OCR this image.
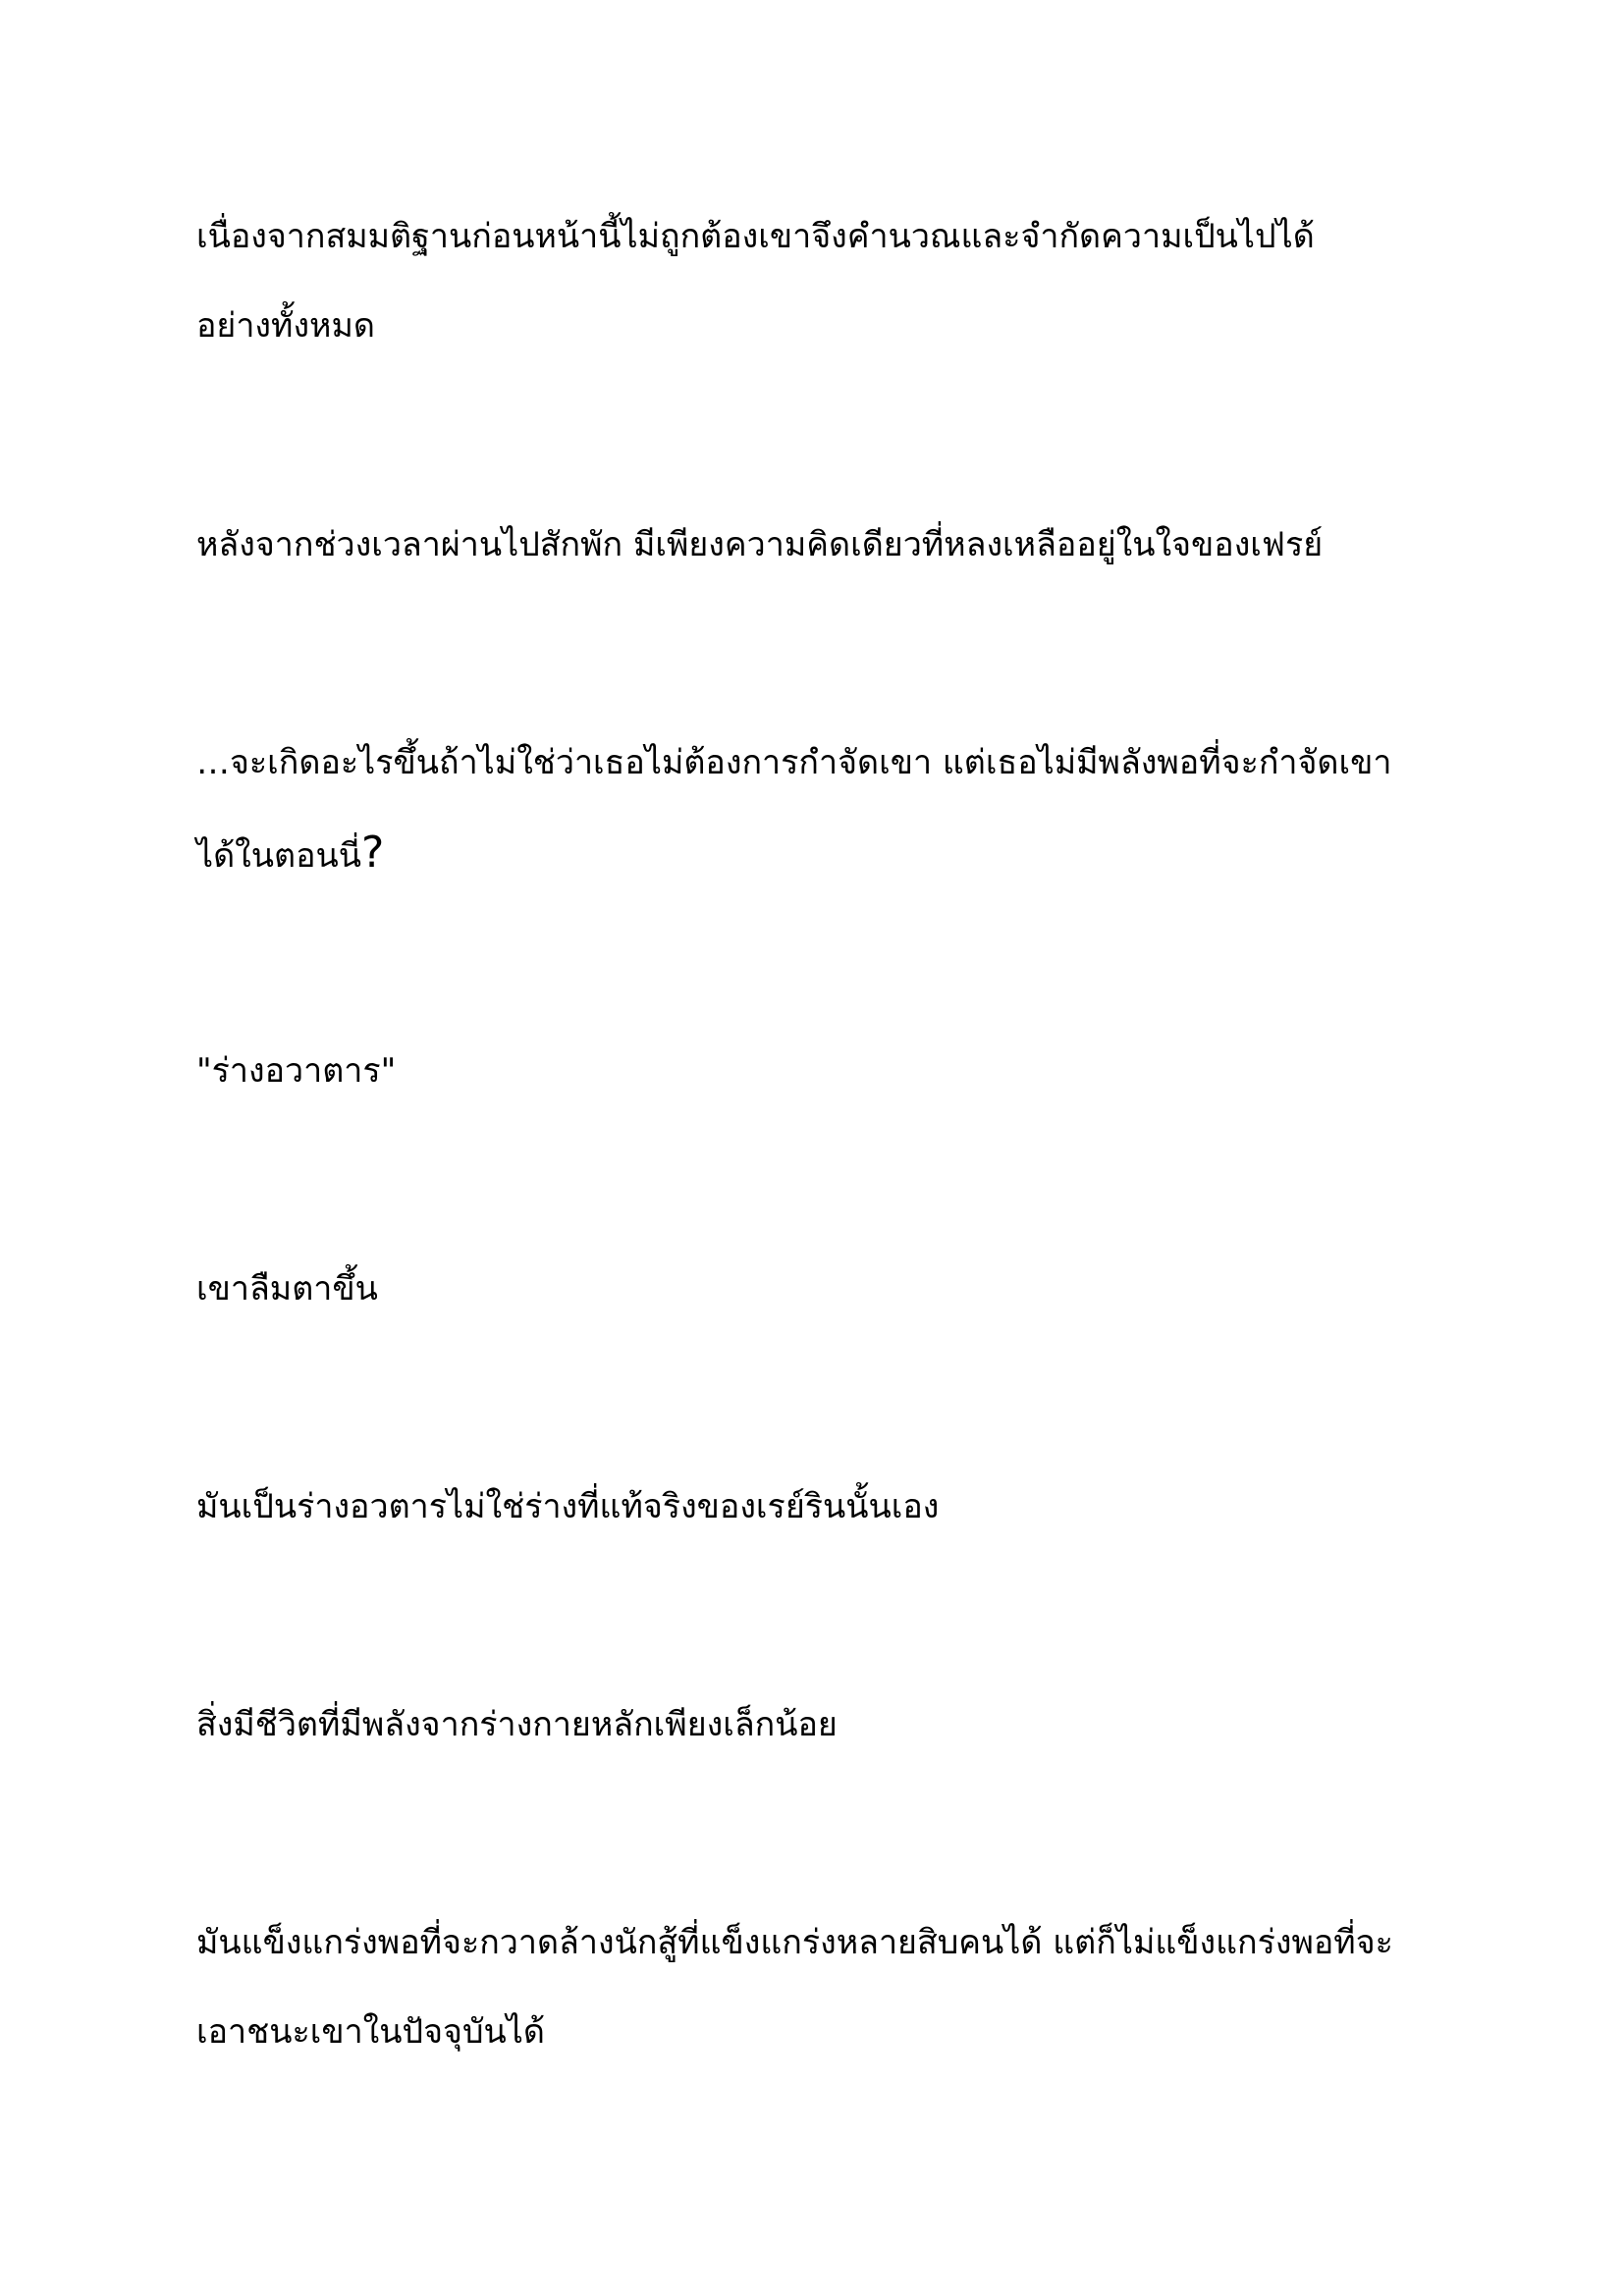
เนื่องจากสมมติฐานก่อนหน้านี้ไม่ถูกต้องเขาจึงคำนวณและจำกัดความเป็นไปได้
อย่างทั้งหมด

หลังจากช่วงเวลาผ่านไปสักพัก มีเพียงความคิดเดียวที่หลงเหลืออยู่ในใจของเฟรย์

…จะเกิดอะไรขึ้นถ้าไม่ใช่ว่าเธอไม่ต้องการกำจัดเขา แต่เธอไม่มีพลังพอที่จะกำจัดเขา
ได้ในตอนนี่?

"ร่างอวาตาร"

เขาลืมตาขึ้น

มันเป็นร่างอวตารไม่ใช่ร่างที่แท้จริงของเรย์รินนั้นเอง

สิ่งมีชีวิตที่มีพลังจากร่างกายหลักเพียงเล็กน้อย

มันแข็งแกร่งพอที่จะกวาดล้างนักสู้ที่แข็งแกร่งหลายสิบคนได้ แต่ก็ไม่แข็งแกร่งพอที่จะ
เอาชนะเขาในปัจจุบันได้
